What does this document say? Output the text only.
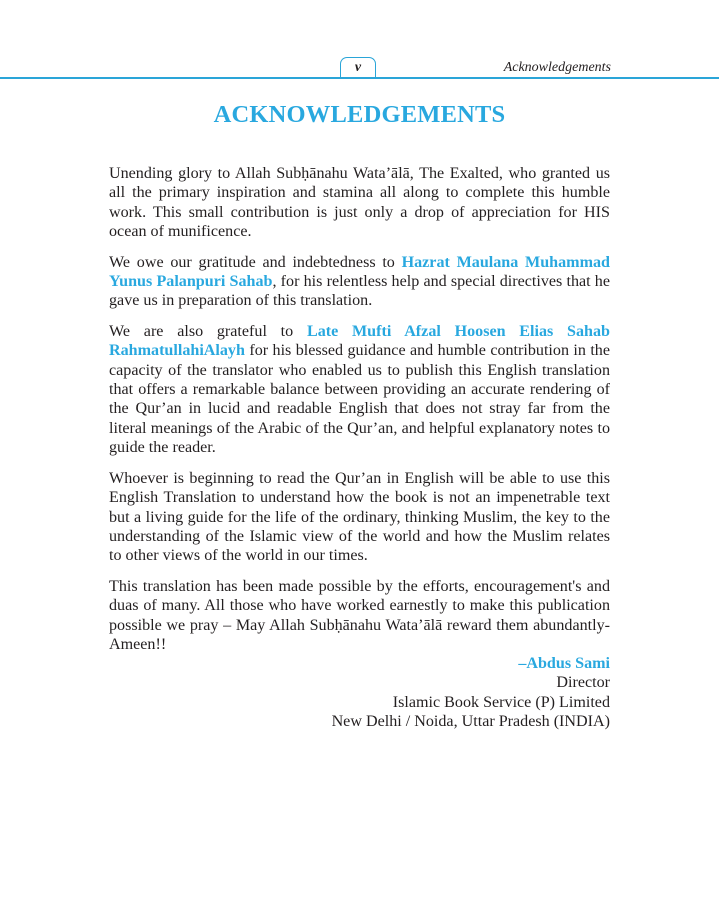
v	Acknowledgements
ACKNOWLEDGEMENTS

Unending glory to Allah Subḥānahu Wata’ālā, The Exalted, who granted us all the primary inspiration and stamina all along to complete this humble work. This small contribution is just only a drop of appreciation for HIS ocean of munificence.

We owe our gratitude and indebtedness to Hazrat Maulana Muhammad Yunus Palanpuri Sahab, for his relentless help and special directives that he gave us in preparation of this translation.

We are also grateful to Late Mufti Afzal Hoosen Elias Sahab RahmatullahiAlayh for his blessed guidance and humble contribution in the capacity of the translator who enabled us to publish this English translation that offers a remarkable balance between providing an accurate rendering of the Qur’an in lucid and readable English that does not stray far from the literal meanings of the Arabic of the Qur’an, and helpful explanatory notes to guide the reader.

Whoever is beginning to read the Qur’an in English will be able to use this English Translation to understand how the book is not an impenetrable text but a living guide for the life of the ordinary, thinking Muslim, the key to the understanding of the Islamic view of the world and how the Muslim relates to other views of the world in our times.

This translation has been made possible by the efforts, encouragement's and duas of many. All those who have worked earnestly to make this publication possible we pray – May Allah Subḥānahu Wata’ālā reward them abundantly-Ameen!!

–Abdus Sami
Director
Islamic Book Service (P) Limited
New Delhi / Noida, Uttar Pradesh (INDIA)
